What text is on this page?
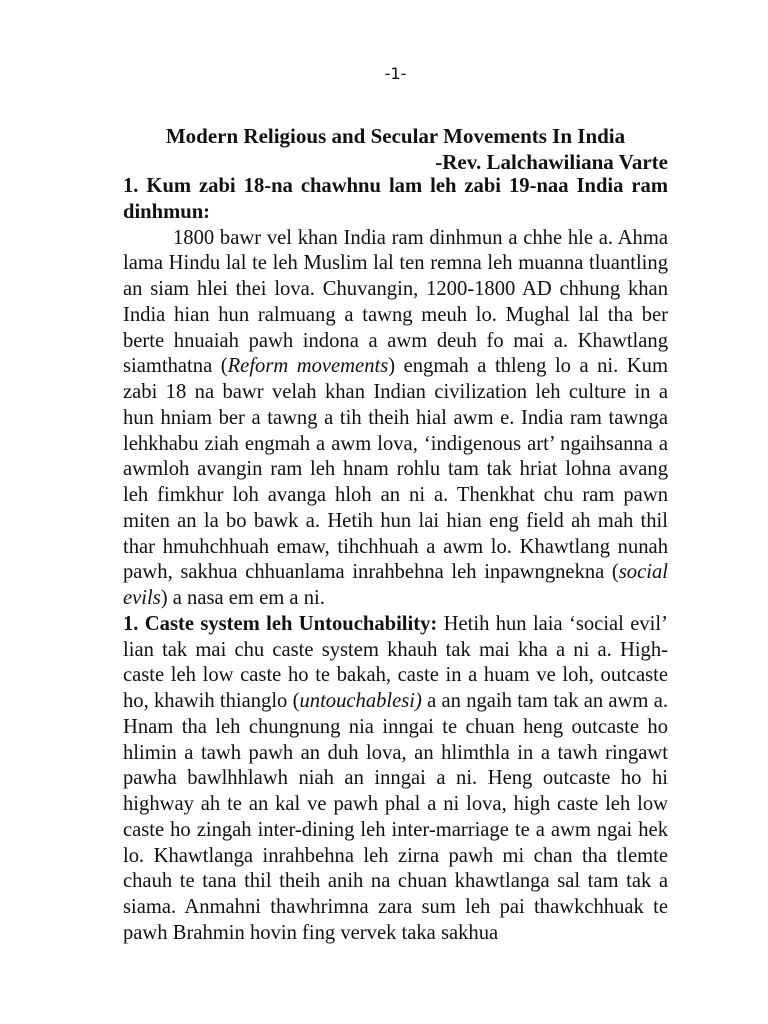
-1-
Modern Religious and Secular Movements In India
-Rev. Lalchawiliana Varte

1. Kum zabi 18-na chawhnu lam leh zabi 19-naa India ram dinhmun:

1800 bawr vel khan India ram dinhmun a chhe hle a. Ahma lama Hindu lal te leh Muslim lal ten remna leh muanna tluantling an siam hlei thei lova. Chuvangin, 1200-1800 AD chhung khan India hian hun ralmuang a tawng meuh lo. Mughal lal tha ber berte hnuaiah pawh indona a awm deuh fo mai a. Khawtlang siamthatna (Reform movements) engmah a thleng lo a ni. Kum zabi 18 na bawr velah khan Indian civilization leh culture in a hun hniam ber a tawng a tih theih hial awm e. India ram tawnga lehkhabu ziah engmah a awm lova, ‘indigenous art’ ngaihsanna a awmloh avangin ram leh hnam rohlu tam tak hriat lohna avang leh fimkhur loh avanga hloh an ni a. Thenkhat chu ram pawn miten an la bo bawk a. Hetih hun lai hian eng field ah mah thil thar hmuhchhuah emaw, tihchhuah a awm lo. Khawtlang nunah pawh, sakhua chhuanlama inrahbehna leh inpawngnekna (social evils) a nasa em em a ni.

1. Caste system leh Untouchability: Hetih hun laia ‘social evil’ lian tak mai chu caste system khauh tak mai kha a ni a. High-caste leh low caste ho te bakah, caste in a huam ve loh, outcaste ho, khawih thianglo (untouchablesi) a an ngaih tam tak an awm a. Hnam tha leh chungnung nia inngai te chuan heng outcaste ho hlimin a tawh pawh an duh lova, an hlimthla in a tawh ringawt pawha bawlhhlawh niah an inngai a ni. Heng outcaste ho hi highway ah te an kal ve pawh phal a ni lova, high caste leh low caste ho zingah inter-dining leh inter-marriage te a awm ngai hek lo. Khawtlanga inrahbehna leh zirna pawh mi chan tha tlemte chauh te tana thil theih anih na chuan khawtlanga sal tam tak a siama. Anmahni thawhrimna zara sum leh pai thawkchhuak te pawh Brahmin hovin fing vervek taka sakhua
